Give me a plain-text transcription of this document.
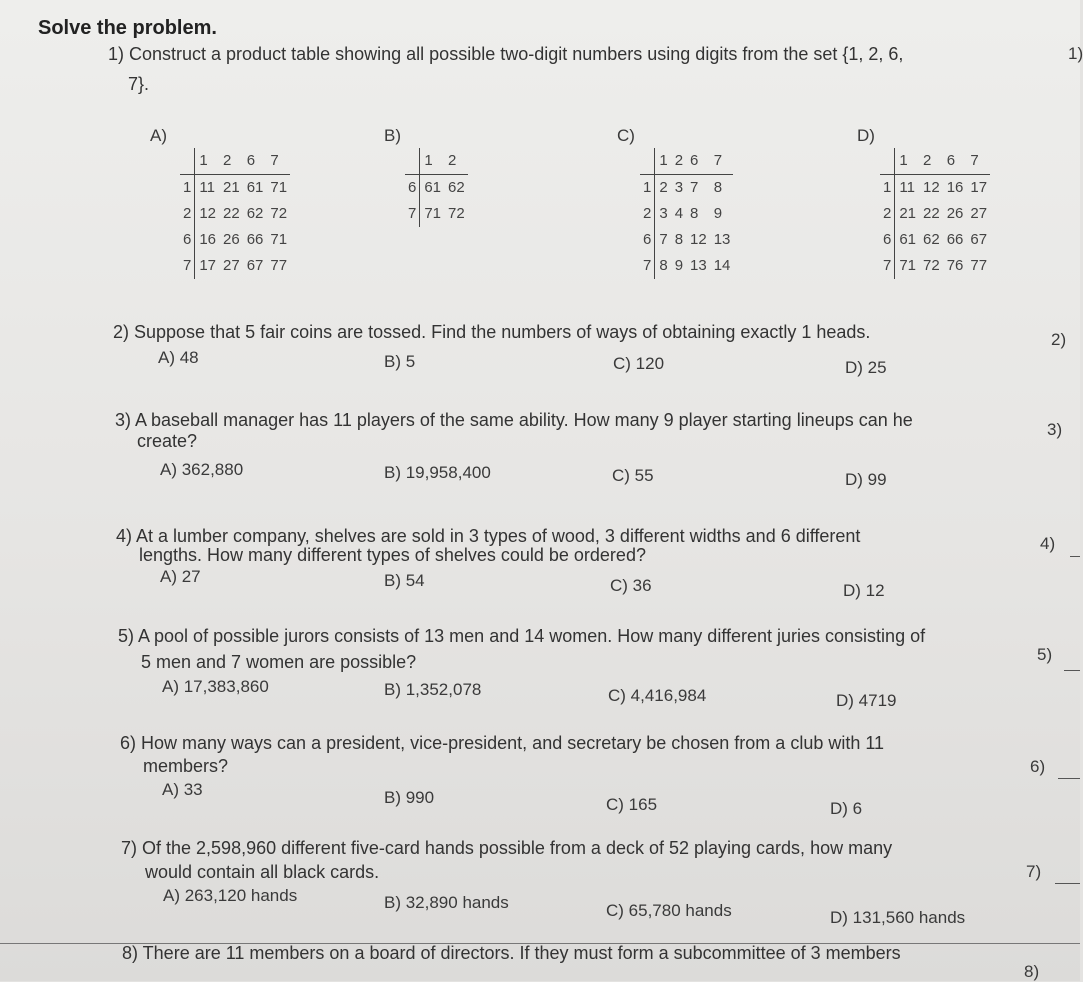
Solve the problem.
1) Construct a product table showing all possible two-digit numbers using digits from the set {1, 2, 6,
7}.
1)
A)
	1	2	6	7
1	11	21	61	71
2	12	22	62	72
6	16	26	66	71
7	17	27	67	77
B)
	1	2
6	61	62
7	71	72
C)
	1	2	6	7
1	2	3	7	8
2	3	4	8	9
6	7	8	12	13
7	8	9	13	14
D)
	1	2	6	7
1	11	12	16	17
2	21	22	26	27
6	61	62	66	67
7	71	72	76	77
2) Suppose that 5 fair coins are tossed. Find the numbers of ways of obtaining exactly 1 heads.	2)
A) 48	B) 5	C) 120	D) 25
3) A baseball manager has 11 players of the same ability. How many 9 player starting lineups can he
create?
3)
A) 362,880	B) 19,958,400	C) 55	D) 99
4) At a lumber company, shelves are sold in 3 types of wood, 3 different widths and 6 different
lengths. How many different types of shelves could be ordered?
4)
A) 27	B) 54	C) 36	D) 12
5) A pool of possible jurors consists of 13 men and 14 women. How many different juries consisting of
5 men and 7 women are possible?	5)
A) 17,383,860	B) 1,352,078	C) 4,416,984	D) 4719
6) How many ways can a president, vice-president, and secretary be chosen from a club with 11
members?	6)
A) 33	B) 990	C) 165	D) 6
7) Of the 2,598,960 different five-card hands possible from a deck of 52 playing cards, how many
would contain all black cards.	7)
A) 263,120 hands	B) 32,890 hands	C) 65,780 hands	D) 131,560 hands
8) There are 11 members on a board of directors. If they must form a subcommittee of 3 members
8)
